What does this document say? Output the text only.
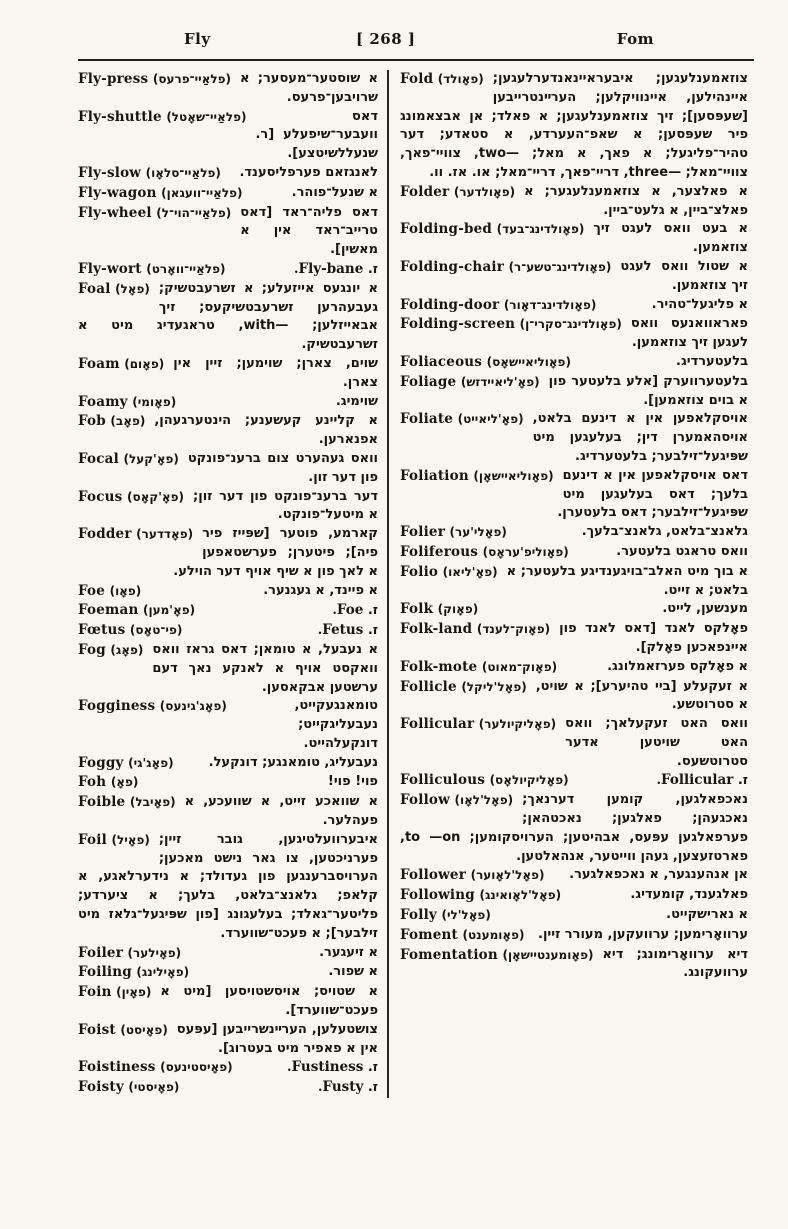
Fly	[ 268 ]	Fom
Fly-press (פלאַיי־פרעס) א שוסטער־מעסער; א שרויבען־פרעס.
Fly-shuttle (פלאַיי־שאָטל)	דאס וועבער־שיפעלע [ר. שנעללשיטצע].
Fly-slow (פלאַיי־סלאָו) לאנגזאם פערפליסענד.
Fly-wagon (פלאַיי־וועגאן)	א שנעל־פוהר.
Fly-wheel (פלאַיי־הוי־ל) דאס פליה־ראד [דאס טרייב־ראד אין א מאשין].
Fly-wort (פלאַיי־וואָרט)	ז. Fly-bane.
Foal (פאָל) א יונגעס אייזעלע; א זשרעבטשיק; געבעהרען זשרעבטשיקעס; זיך אבאייזלען; —with, טראגעדיג מיט א זשרעבטשיק.
Foam (פאָום) שוים, צארן; שוימען; זיין אין צארן.
Foamy (פאָומי)	שוימיג.
Fob (פאָב) א קליינע קעשענע; הינטערגעהן, אפנארען.
Focal (פאָ'קעל) וואס געהערט צום ברענ־פונקט פון דער זון.
Focus (פאָ'קאָס) דער ברענ־פונקט פון דער זון; א מיטעל־פונקט.
Fodder (פאָדדער) קארמע, פוטער [שפּייז פיר פיה]; פיטערן; פערשטאפען א לאך פון א שיף אויף דער הוילע.
Foe (פאָו)	א פיינד, א געגנער.
Foeman (פאָ'מען)	ז. Foe.
Fœtus (פי־טאָס)	ז. Fetus.
Fog (פאָג) א נעבעל, א טומאן; דאס גראז וואס וואקסט אויף א לאנקע נאך דעם ערשטען אבקאסען.
Fogginess (פאָג'גינעס)	טומאנגעקייט, נעבעליגקייט; דונקעלהייט.
Foggy (פאָג'גי)	נעבעליג, טומאנגע; דונקעל.
Foh (פאָ)	פוי! פוי!
Foible (פאָיבל) א שוואכע זייט, א שוועכע, א פעהלער.
Foil (פאָיל) איבערוועלטיגען, גובר זיין; פערניכטען, צו גאר נישט מאכען; הערויסברענגען פון געדולד; א נידערלאגע, א קלאפ; גלאנצ־בלאט, בלעך; א ציערדע; פליטער־גאלד; בעלעגונג [פון שפּיגעל־גלאז מיט זילבער]; א פעכט־שווערד.
Foiler (פאָילער)	א זיעגער.
Foiling (פאָילינג)	א שפור.
Foin (פאָין) א שטויס; אויסשטויסען [מיט א פעכט־שווערד].
Foist (פאָיסט) צושטעלען, הערײנשרייבען [עפּעס אין א פאפיר מיט בעטרוג].
Foistiness (פאָיסטינעס)	ז. Fustiness.
Foisty (פאָיסטי)	ז. Fusty.
Fold (פאָולד) צוזאמענלעגען; איבעראיינאנדערלעגען; איינהילען, איינוויקלען; הערײנטרייבען [שעפּסען]; זיך צוזאמענלעגען; א פאלד; אן אבצאמונג פיר שעפּסען; א שאפ־העערדע, א סטאדע; דער טהיר־פליגעל; א פאך, א מאל; —two, צוויי־פאך, צוויי־מאל; —three, דריי־פאך, דריי־מאל; או. אז. וו.
Folder (פאָולדער) א פאלצער, א צוזאמענלעגער; א פאלצ־ביין, א גלעט־ביין.
Folding-bed (פאָולדינג־בעד) א בעט וואס לעגט זיך צוזאמען.
Folding-chair (פאָולדינג־טשע־ר) א שטול וואס לעגט זיך צוזאמען.
Folding-door (פאָולדינג־דאָור)	א פליגעל־טהיר.
Folding-screen (פאָולדינג־סקרי־ן) פאראוואנעס וואס לעגען זיך צוזאמען.
Foliaceous (פאָוליאיישאָס)	בלעטערדיג.
Foliage (פאָ'ליאיידזש) בלעטערווערק [אלע בלעטער פון א בוים צוזאמען].
Foliate (פאָ'ליאייט) אויסקלאפען אין א דינעם בלאט, אויסהאמערן דין; בעלעגען מיט שפּיגעל־זילבער; בלעטערדיג.
Foliation (פאָוליאיישאָן) דאס אויסקלאפען אין א דינעם בלעך; דאס בעלעגען מיט שפּיגעל־זילבער; דאס בלעטערן.
Folier (פאָלי'ער)	גלאנצ־בלאט, גלאנצ־בלעך.
Foliferous (פאָוליפ'עראָס)	וואס טראגט בלעטער.
Folio (פאָ'ליאו) א בוך מיט האלב־בויגענדיגע בלעטער; א בלאט; א זייט.
Folk (פאָוק)	מענשען, לייט.
Folk-land (פאָוק־לענד) פאָלקס לאנד [דאס לאנד פון איינפאכען פאָלק].
Folk-mote (פאָוק־מאוט)	א פאָלקס פערזאמלונג.
Follicle (פאָל'ליקל) א זעקעלע [ביי טהיערע]; א שויט, א סטרוטשע.
Follicular (פאָליקיולער) וואס האט זעקעלאך; וואס האט שויטען אדער סטרוטשעס.
Folliculous (פאָליקיולאָס)	ז. Follicular.
Follow (פאָל'לאָו) נאכפאלגען, קומען דערנאך; נאכגעהן; פאלגען; נאכטהאן; פערפאלגען עפּעס, אבהיטען; הערויסקומען; to —on, פארטזעצען, געהן ווייטער, אנהאלטען.
Follower (פאָל'לאָוער) אן אנהענגער, א נאכפאלגער.
Following (פאָל'לאָואינג)	פאלגענד, קומעדיג.
Folly (פאָל'לי)	א נארישקייט.
Foment (פאָומענט) ערוואָרימען; ערוועקען, מעורר זיין.
Fomentation (פאָומענטיישאָן) דיא ערוואָרימונג; דיא ערוועקונג.
